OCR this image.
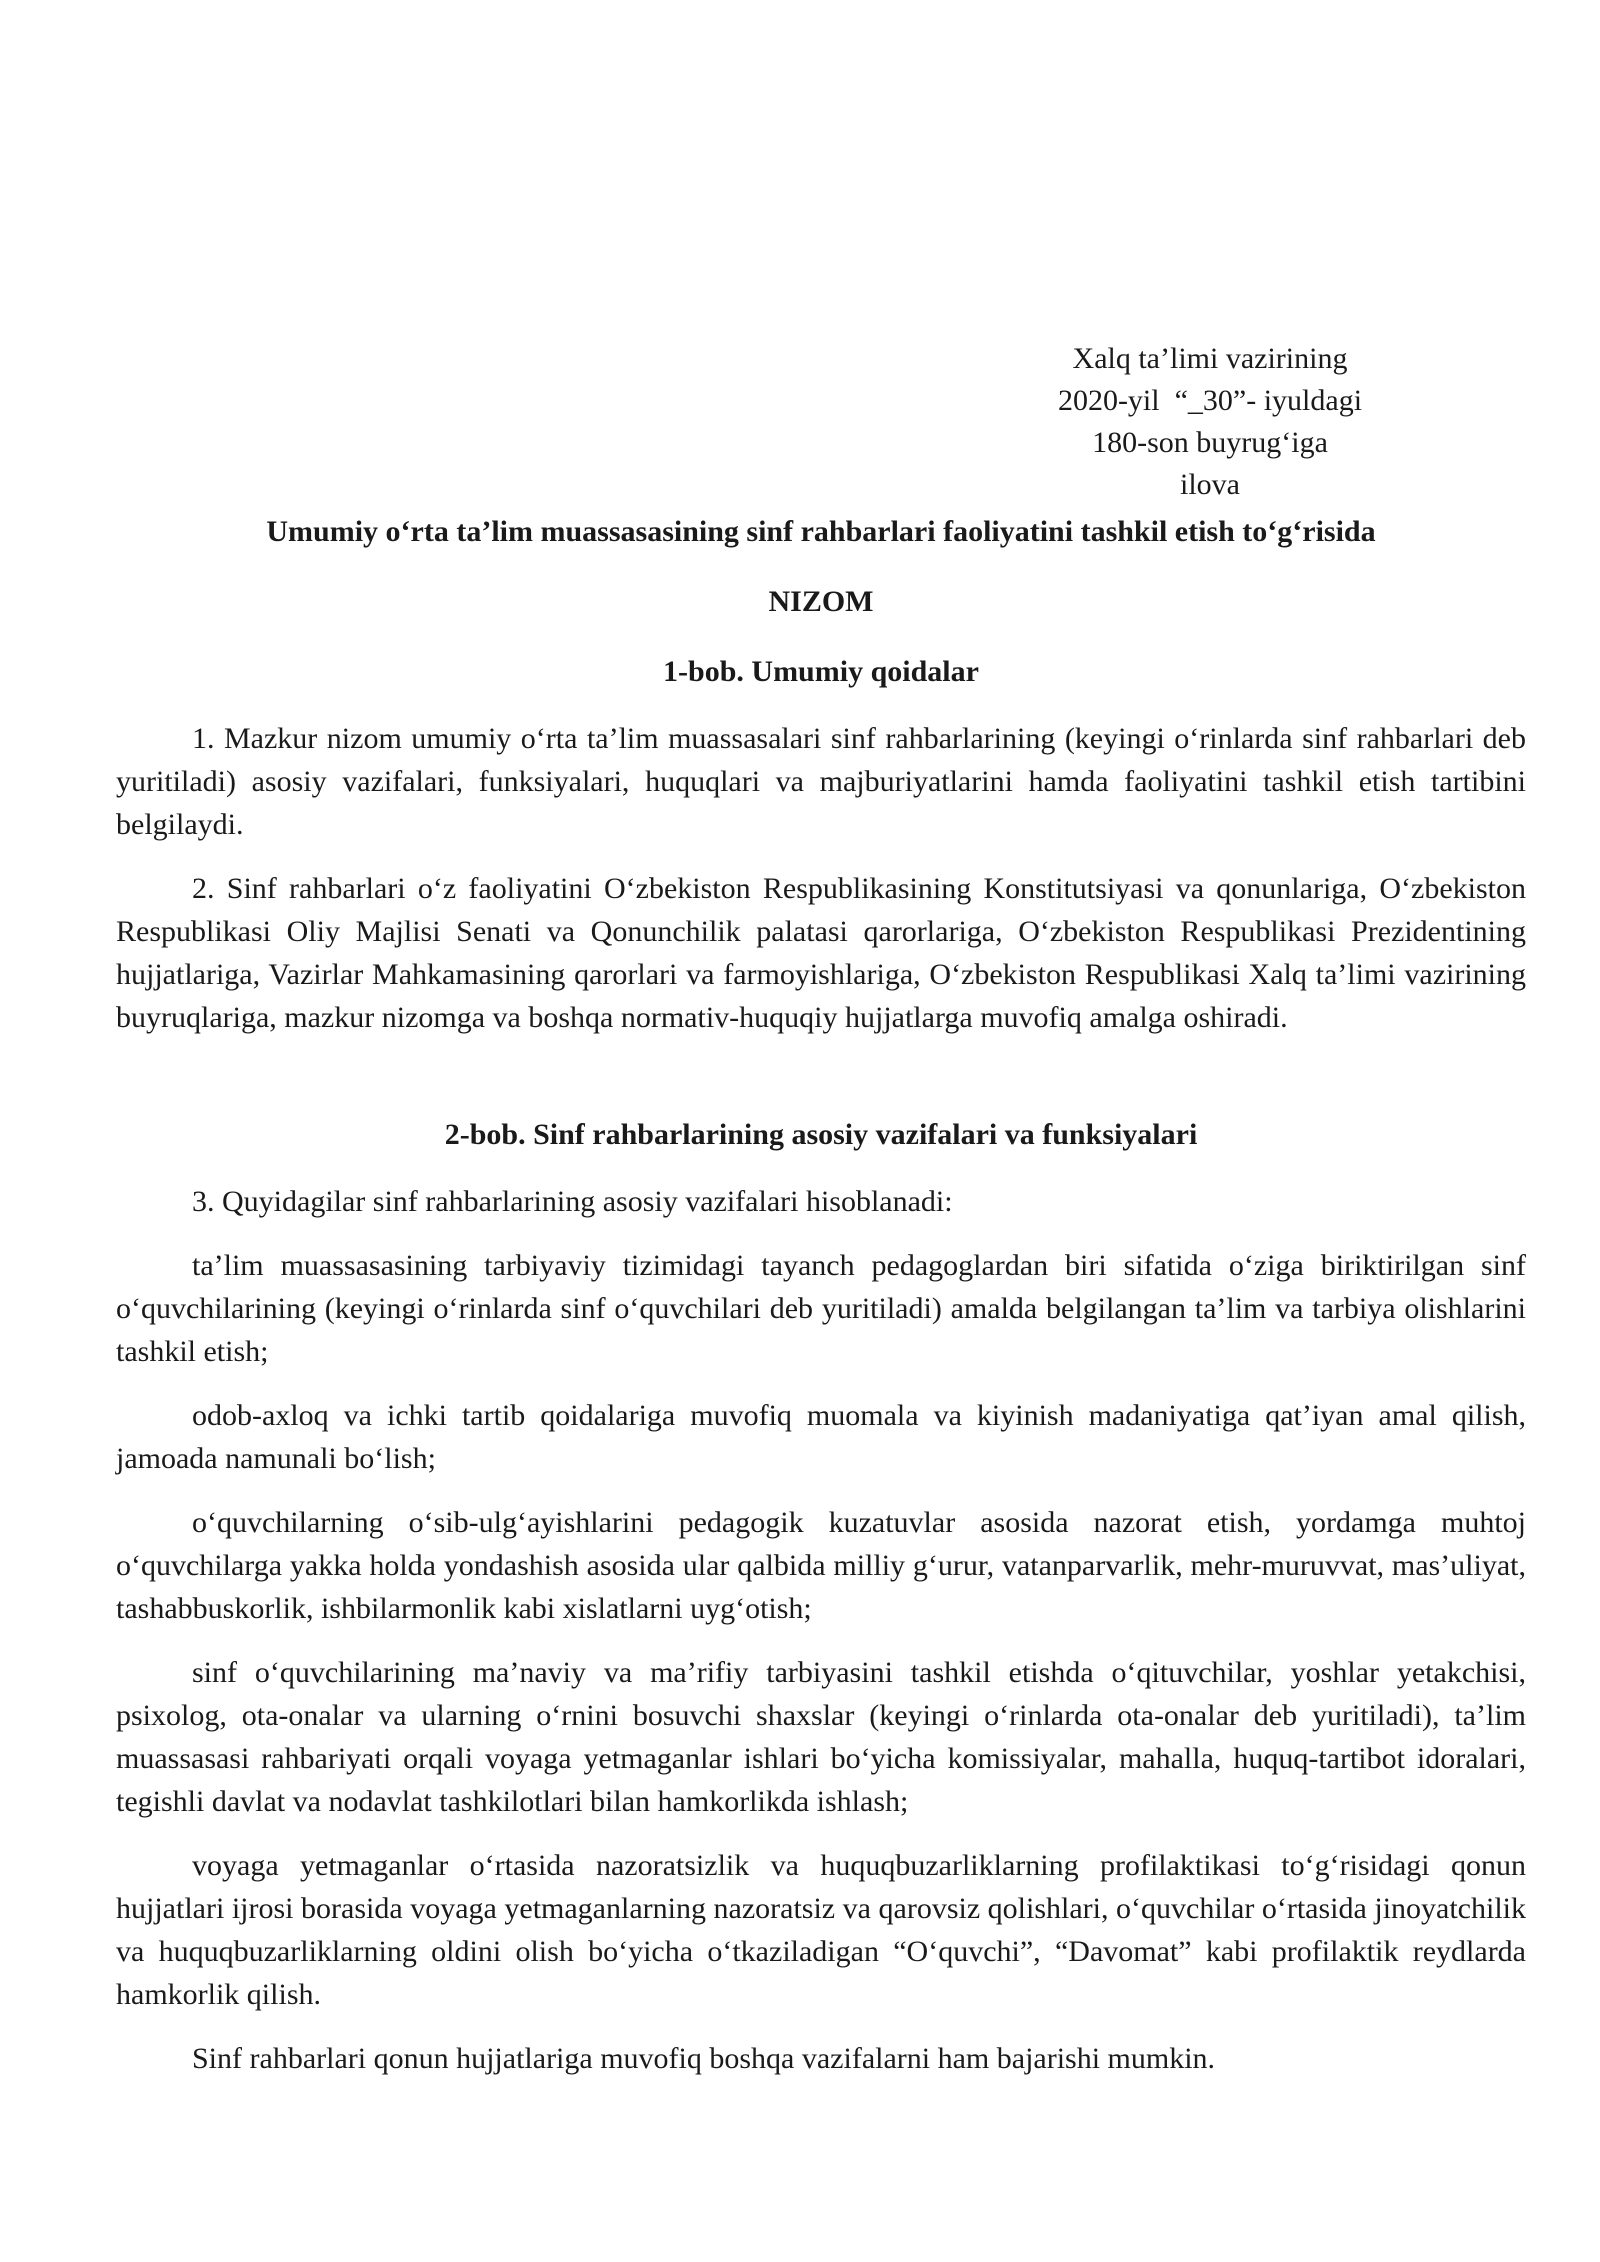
Xalq ta’limi vazirining
2020-yil  “_30”- iyuldagi
180-son buyrug‘iga
ilova
Umumiy o‘rta ta’lim muassasasining sinf rahbarlari faoliyatini tashkil etish to‘g‘risida
NIZOM
1-bob. Umumiy qoidalar

1. Mazkur nizom umumiy o‘rta ta’lim muassasalari sinf rahbarlarining (keyingi o‘rinlarda sinf rahbarlari deb yuritiladi) asosiy vazifalari, funksiyalari, huquqlari va majburiyatlarini hamda faoliyatini tashkil etish tartibini belgilaydi.

2. Sinf rahbarlari o‘z faoliyatini O‘zbekiston Respublikasining Konstitutsiyasi va qonunlariga, O‘zbekiston Respublikasi Oliy Majlisi Senati va Qonunchilik palatasi qarorlariga, O‘zbekiston Respublikasi Prezidentining hujjatlariga, Vazirlar Mahkamasining qarorlari va farmoyishlariga, O‘zbekiston Respublikasi Xalq ta’limi vazirining buyruqlariga, mazkur nizomga va boshqa normativ-huquqiy hujjatlarga muvofiq amalga oshiradi.

2-bob. Sinf rahbarlarining asosiy vazifalari va funksiyalari

3. Quyidagilar sinf rahbarlarining asosiy vazifalari hisoblanadi:

ta’lim muassasasining tarbiyaviy tizimidagi tayanch pedagoglardan biri sifatida o‘ziga biriktirilgan sinf o‘quvchilarining (keyingi o‘rinlarda sinf o‘quvchilari deb yuritiladi) amalda belgilangan ta’lim va tarbiya olishlarini tashkil etish;

odob-axloq va ichki tartib qoidalariga muvofiq muomala va kiyinish madaniyatiga qat’iyan amal qilish, jamoada namunali bo‘lish;

o‘quvchilarning o‘sib-ulg‘ayishlarini pedagogik kuzatuvlar asosida nazorat etish, yordamga muhtoj o‘quvchilarga yakka holda yondashish asosida ular qalbida milliy g‘urur, vatanparvarlik, mehr-muruvvat, mas’uliyat, tashabbuskorlik, ishbilarmonlik kabi xislatlarni uyg‘otish;

sinf o‘quvchilarining ma’naviy va ma’rifiy tarbiyasini tashkil etishda o‘qituvchilar, yoshlar yetakchisi, psixolog, ota-onalar va ularning o‘rnini bosuvchi shaxslar (keyingi o‘rinlarda ota-onalar deb yuritiladi), ta’lim muassasasi rahbariyati orqali voyaga yetmaganlar ishlari bo‘yicha komissiyalar, mahalla, huquq-tartibot idoralari, tegishli davlat va nodavlat tashkilotlari bilan hamkorlikda ishlash;

voyaga yetmaganlar o‘rtasida nazoratsizlik va huquqbuzarliklarning profilaktikasi to‘g‘risidagi qonun hujjatlari ijrosi borasida voyaga yetmaganlarning nazoratsiz va qarovsiz qolishlari, o‘quvchilar o‘rtasida jinoyatchilik va huquqbuzarliklarning oldini olish bo‘yicha o‘tkaziladigan “O‘quvchi”, “Davomat” kabi profilaktik reydlarda hamkorlik qilish.

Sinf rahbarlari qonun hujjatlariga muvofiq boshqa vazifalarni ham bajarishi mumkin.
